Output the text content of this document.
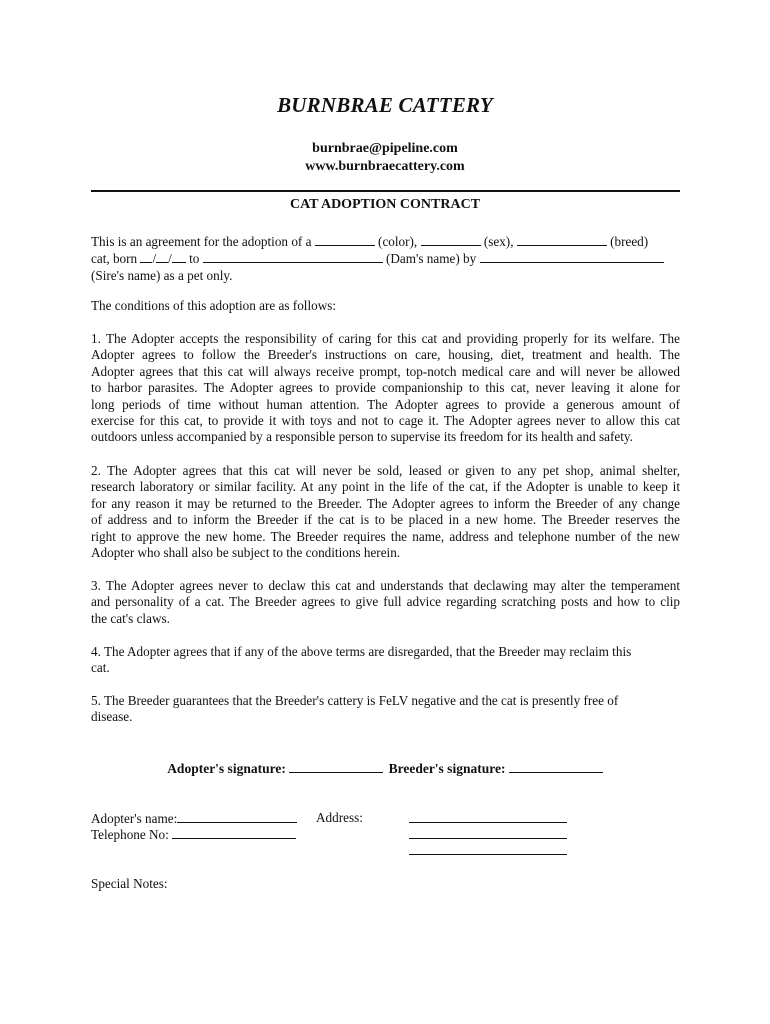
BURNBRAE CATTERY
burnbrae@pipeline.com
www.burnbraecattery.com
CAT ADOPTION CONTRACT
This is an agreement for the adoption of a	(color),	(sex),	(breed)
cat, born / / to	(Dam's name) by
(Sire's name) as a pet only.
The conditions of this adoption are as follows:
1. The Adopter accepts the responsibility of caring for this cat and providing properly for its welfare. The
Adopter agrees to follow the Breeder's instructions on care, housing, diet, treatment and health. The
Adopter agrees that this cat will always receive prompt, top-notch medical care and will never be allowed
to harbor parasites. The Adopter agrees to provide companionship to this cat, never leaving it alone for
long periods of time without human attention. The Adopter agrees to provide a generous amount of
exercise for this cat, to provide it with toys and not to cage it. The Adopter agrees never to allow this cat
outdoors unless accompanied by a responsible person to supervise its freedom for its health and safety.
2. The Adopter agrees that this cat will never be sold, leased or given to any pet shop, animal shelter,
research laboratory or similar facility. At any point in the life of the cat, if the Adopter is unable to keep it
for any reason it may be returned to the Breeder. The Adopter agrees to inform the Breeder of any change
of address and to inform the Breeder if the cat is to be placed in a new home. The Breeder reserves the
right to approve the new home. The Breeder requires the name, address and telephone number of the new
Adopter who shall also be subject to the conditions herein.
3. The Adopter agrees never to declaw this cat and understands that declawing may alter the temperament
and personality of a cat. The Breeder agrees to give full advice regarding scratching posts and how to clip
the cat's claws.
4. The Adopter agrees that if any of the above terms are disregarded, that the Breeder may reclaim this
cat.
5. The Breeder guarantees that the Breeder's cattery is FeLV negative and the cat is presently free of
disease.
Adopter's signature:	Breeder's signature:
Adopter's name:
Telephone No:
Address:
Special Notes:
